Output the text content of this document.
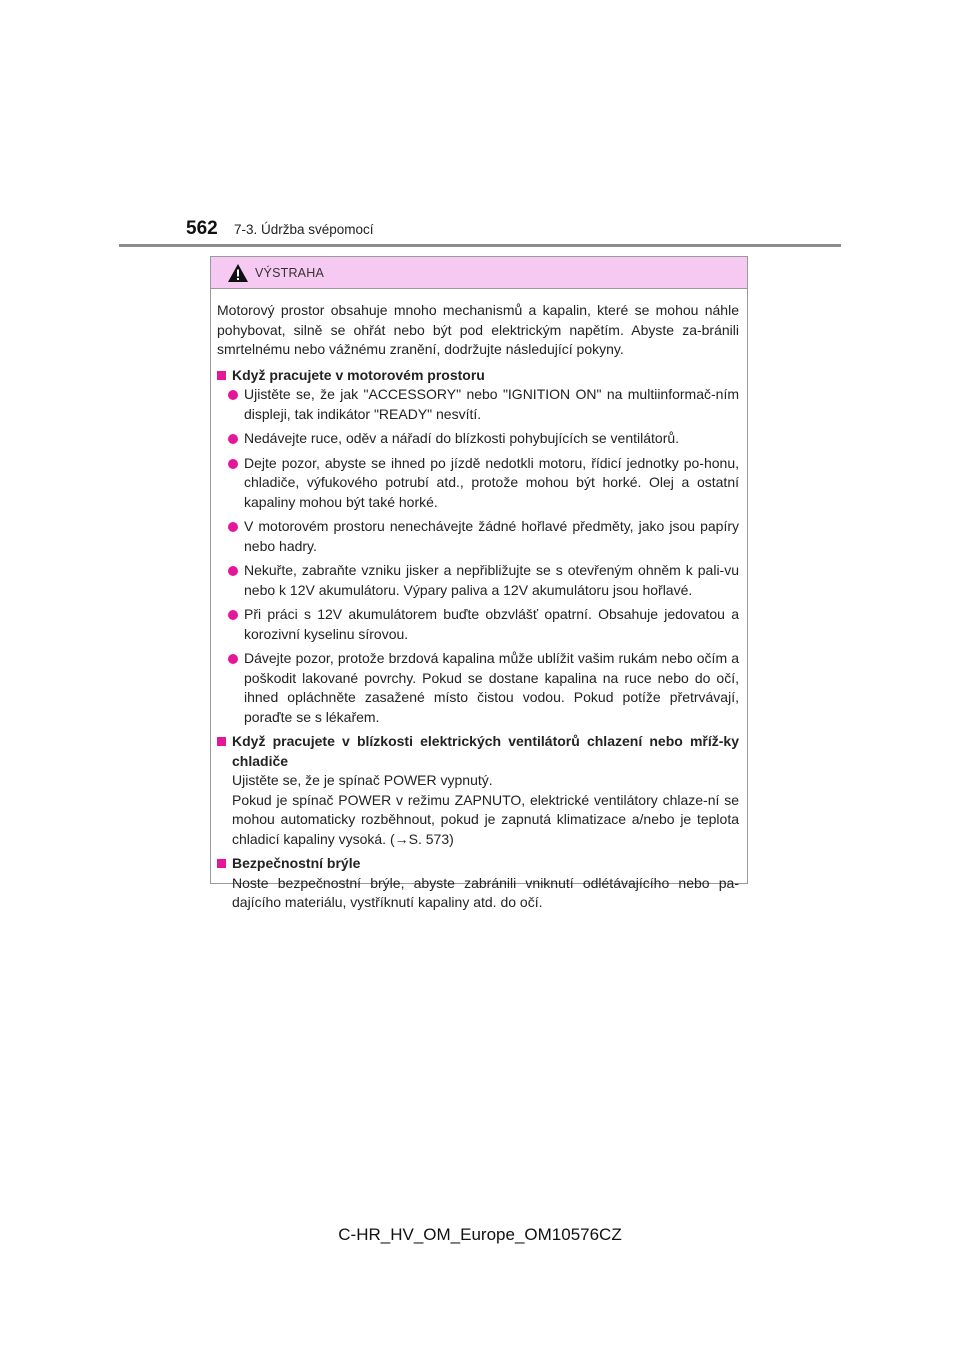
562 7-3. Údržba svépomocí
VÝSTRAHA
Motorový prostor obsahuje mnoho mechanismů a kapalin, které se mohou náhle pohybovat, silně se ohřát nebo být pod elektrickým napětím. Abyste za-bránili smrtelnému nebo vážnému zranění, dodržujte následující pokyny.
Když pracujete v motorovém prostoru
Ujistěte se, že jak "ACCESSORY" nebo "IGNITION ON" na multiinformač-ním displeji, tak indikátor "READY" nesvítí.
Nedávejte ruce, oděv a nářadí do blízkosti pohybujících se ventilátorů.
Dejte pozor, abyste se ihned po jízdě nedotkli motoru, řídicí jednotky po-honu, chladiče, výfukového potrubí atd., protože mohou být horké. Olej a ostatní kapaliny mohou být také horké.
V motorovém prostoru nenechávejte žádné hořlavé předměty, jako jsou papíry nebo hadry.
Nekuřte, zabraňte vzniku jisker a nepřibližujte se s otevřeným ohněm k pali-vu nebo k 12V akumulátoru. Výpary paliva a 12V akumulátoru jsou hořlavé.
Při práci s 12V akumulátorem buďte obzvlášť opatrní. Obsahuje jedovatou a korozivní kyselinu sírovou.
Dávejte pozor, protože brzdová kapalina může ublížit vašim rukám nebo očím a poškodit lakované povrchy. Pokud se dostane kapalina na ruce nebo do očí, ihned opláchněte zasažené místo čistou vodou. Pokud potíže přetrvávají, poraďte se s lékařem.
Když pracujete v blízkosti elektrických ventilátorů chlazení nebo mříž-ky chladiče
Ujistěte se, že je spínač POWER vypnutý.
Pokud je spínač POWER v režimu ZAPNUTO, elektrické ventilátory chlaze-ní se mohou automaticky rozběhnout, pokud je zapnutá klimatizace a/nebo je teplota chladicí kapaliny vysoká. (→S. 573)
Bezpečnostní brýle
Noste bezpečnostní brýle, abyste zabránili vniknutí odlétávajícího nebo pa-dajícího materiálu, vystříknutí kapaliny atd. do očí.
C-HR_HV_OM_Europe_OM10576CZ
